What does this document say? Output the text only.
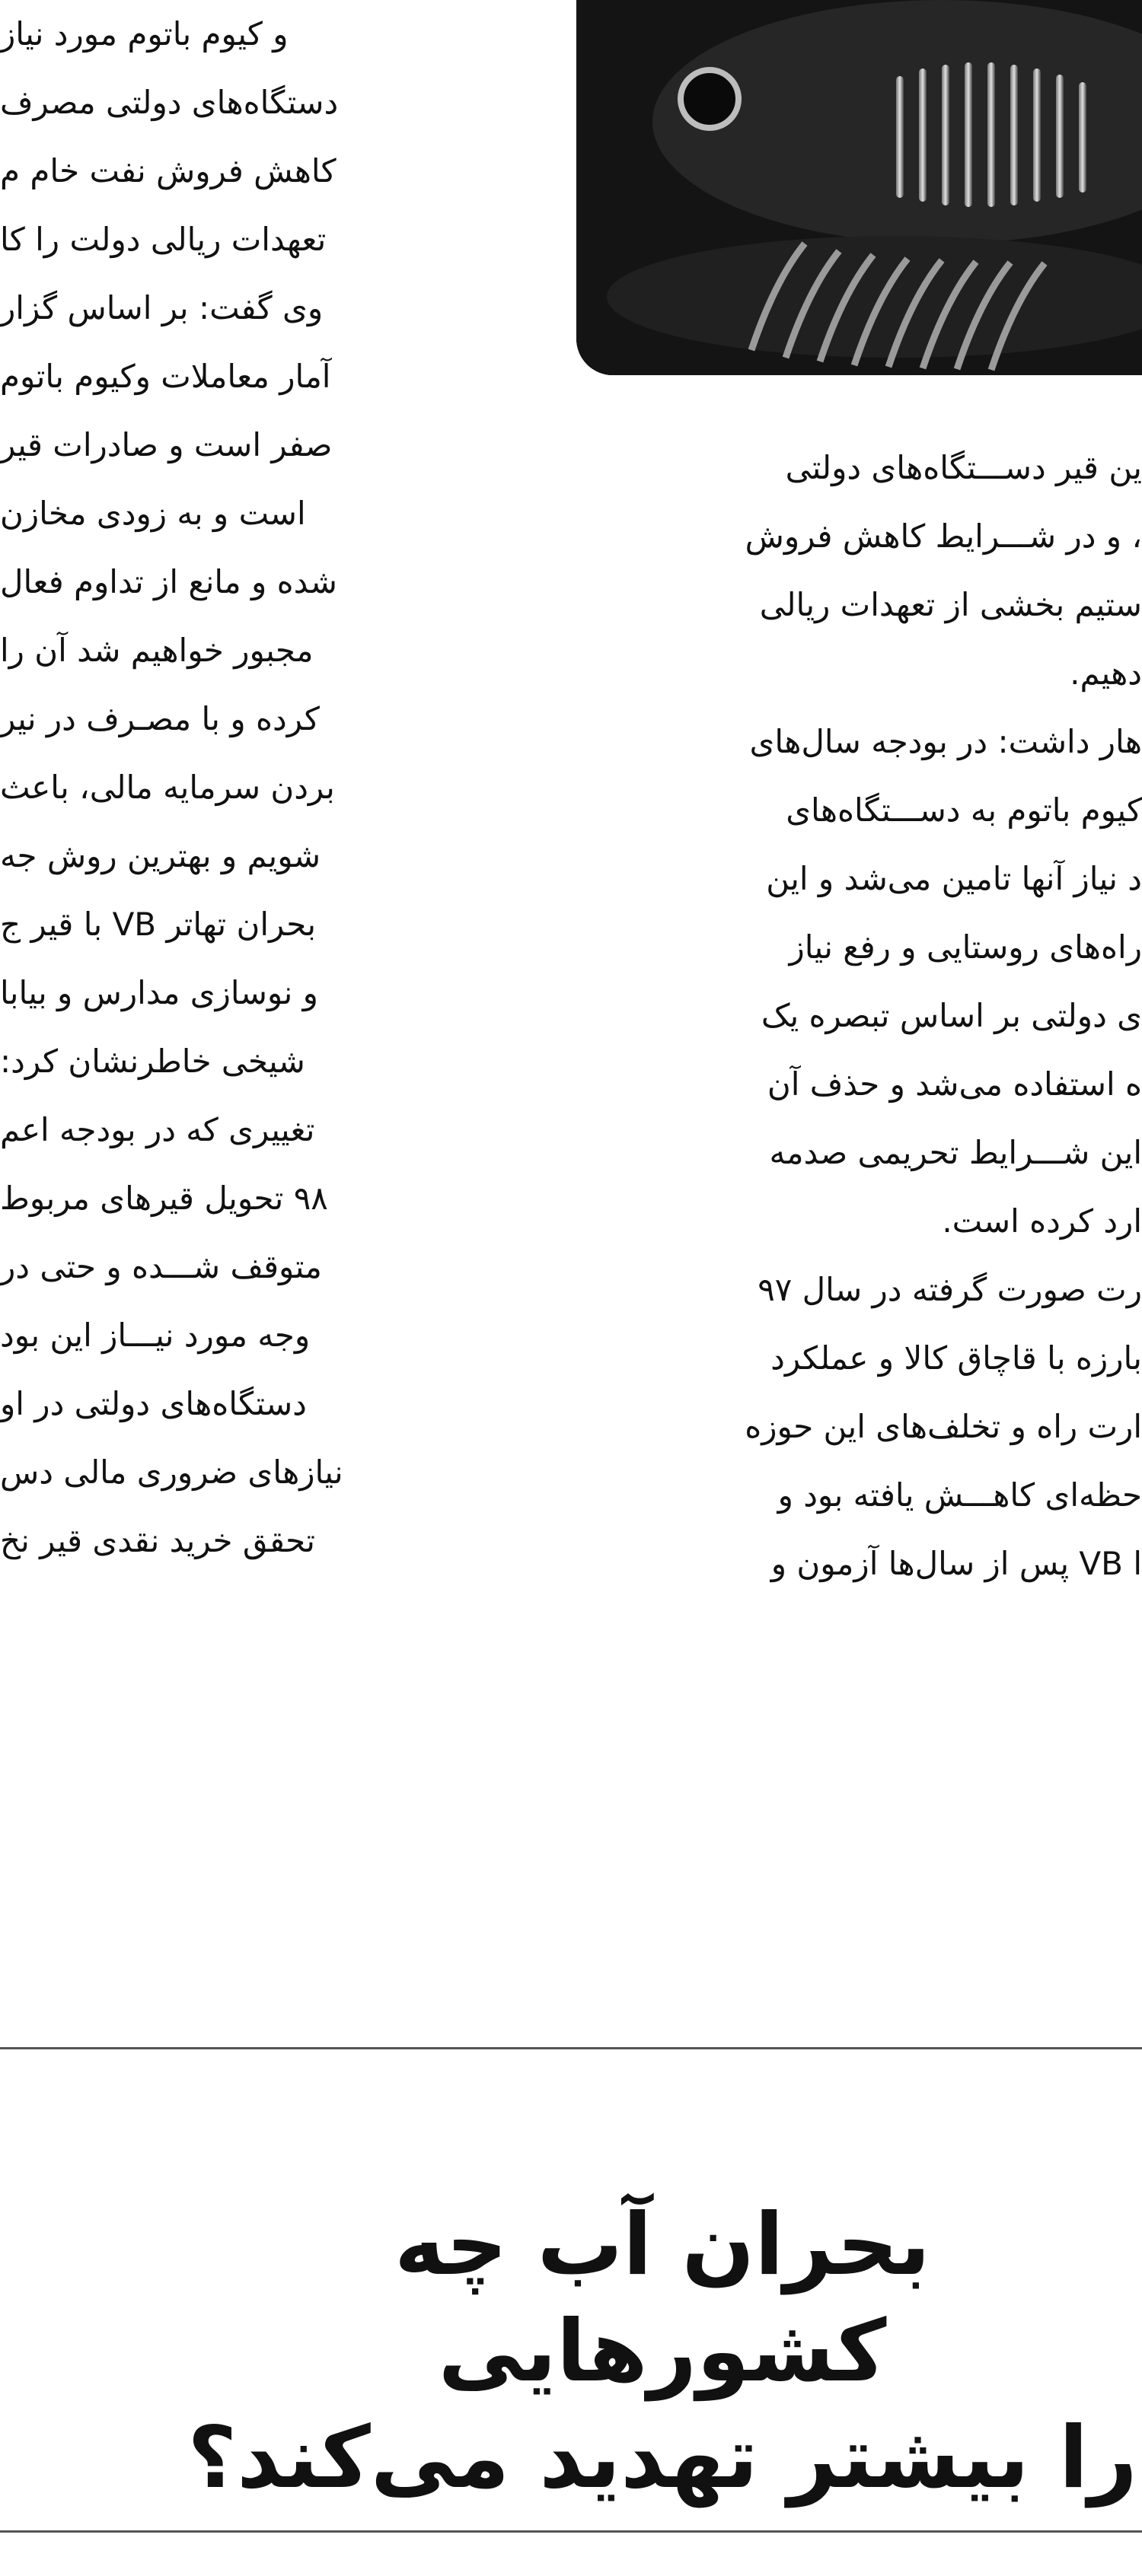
و کیوم باتوم مورد نیاز
دستگاه‌های دولتی مصرف
کاهش فروش نفت خام م
تعهدات ریالی دولت را کا
وی گفت: بر اساس گزار
آمار معاملات وکیوم باتوم
صفر است و صادرات قیر
است و به زودی مخازن
شده و مانع از تداوم فعال
مجبور خواهیم شد آن را
کرده و با مصـرف در نیر
بردن سرمایه مالی، باعث
شویم و بهترین روش جه
بحران تهاتر VB با قیر ج
و نوسازی مدارس و بیابا
شیخی خاطرنشان کرد:
تغییری که در بودجه اعم
۹۸ تحویل قیرهای مربوط
متوقف شـــده و حتی در
وجه مورد نیـــاز این بود
دستگاه‌های دولتی در او
نیازهای ضروری مالی دس
تحقق خرید نقدی قیر نخ
ین قیر دســـتگاه‌های دولتی
، و در شـــرایط کاهش فروش
ستیم بخشی از تعهدات ریالی
دهیم.
هار داشت: در بودجه سال‌های
کیوم باتوم به دســـتگاه‌های
د نیاز آنها تامین می‌شد و این
راه‌های روستایی و رفع نیاز
ی دولتی بر اساس تبصره یک
ه استفاده می‌شد و حذف آن
این شـــرایط تحریمی صدمه
ارد کرده است.
رت صورت گرفته در سال ۹۷
بارزه با قاچاق کالا و عملکرد
ارت راه و تخلف‌های این حوزه
حظه‌ای کاهـــش یافته بود و
ا VB پس از سال‌ها آزمون و
بحران آب چه کشورهایی
را بیشتر تهدید می‌کند؟
